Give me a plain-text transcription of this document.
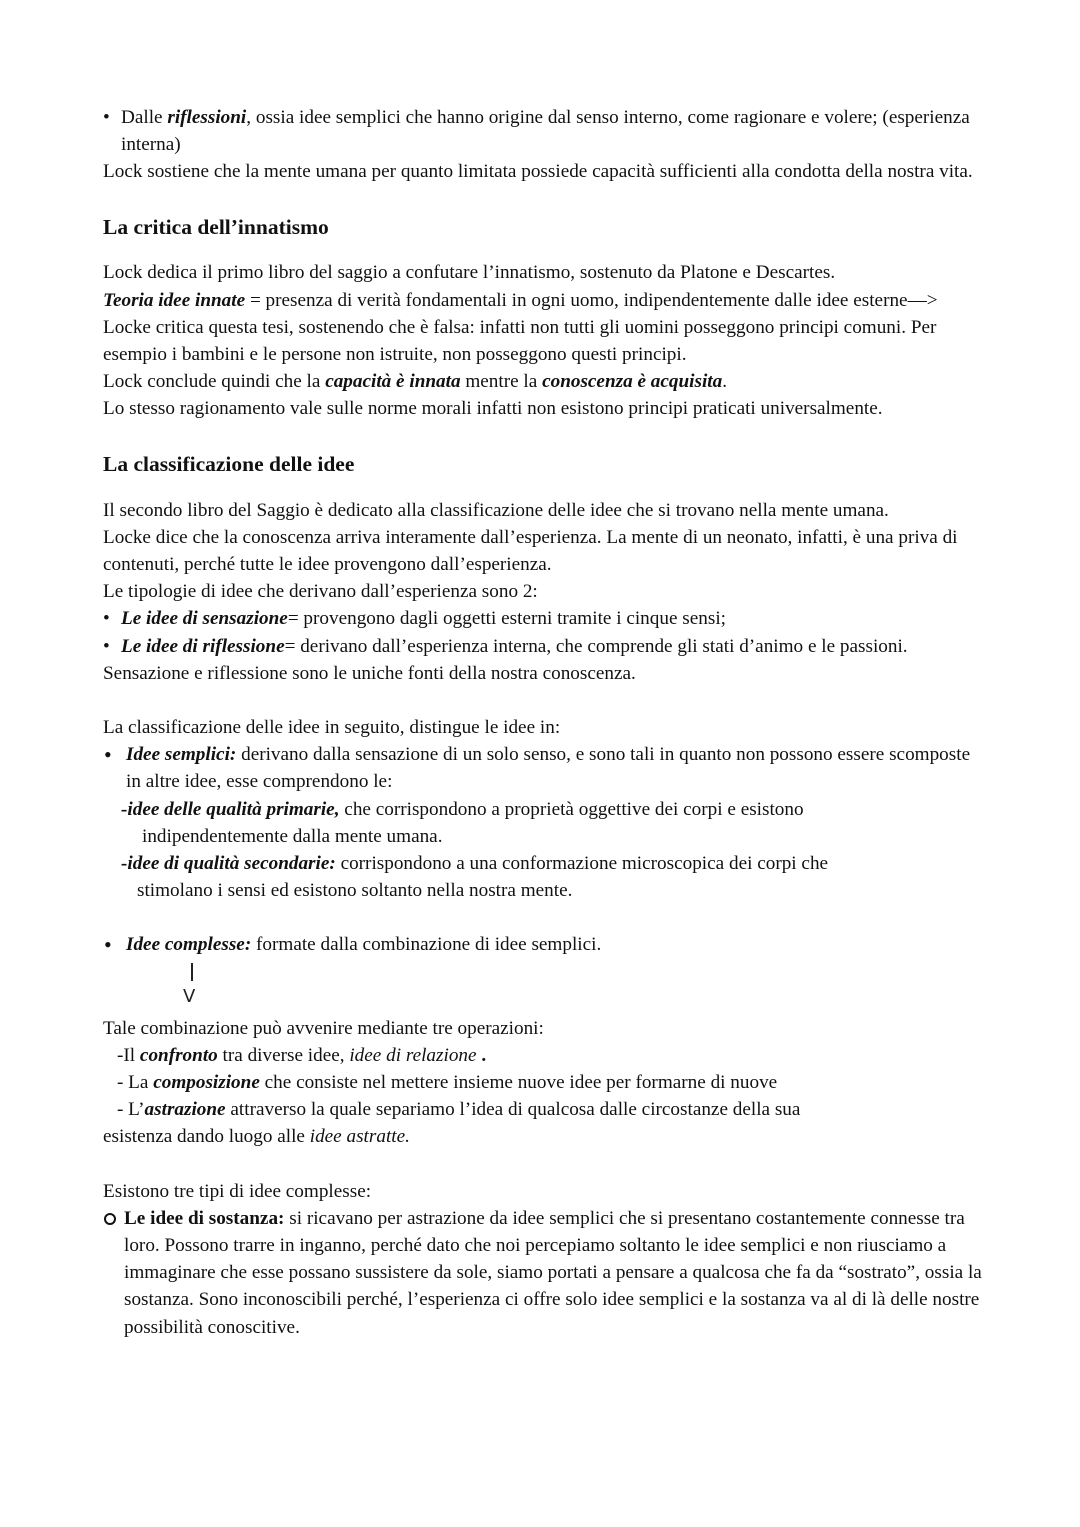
• Dalle riflessioni, ossia idee semplici che hanno origine dal senso interno, come ragionare e volere; (esperienza interna)

Lock sostiene che la mente umana per quanto limitata possiede capacità sufficienti alla condotta della nostra vita.

La critica dell’innatismo

Lock dedica il primo libro del saggio a confutare l’innatismo, sostenuto da Platone e Descartes.

Teoria idee innate = presenza di verità fondamentali in ogni uomo, indipendentemente dalle idee esterne—> Locke critica questa tesi, sostenendo che è falsa: infatti non tutti gli uomini posseggono principi comuni. Per esempio i bambini e le persone non istruite, non posseggono questi principi.

Lock conclude quindi che la capacità è innata mentre la conoscenza è acquisita.

Lo stesso ragionamento vale sulle norme morali infatti non esistono principi praticati universalmente.

La classificazione delle idee

Il secondo libro del Saggio è dedicato alla classificazione delle idee che si trovano nella mente umana.

Locke dice che la conoscenza arriva interamente dall’esperienza. La mente di un neonato, infatti, è una priva di contenuti, perché tutte le idee provengono dall’esperienza.

Le tipologie di idee che derivano dall’esperienza sono 2:

• Le idee di sensazione= provengono dagli oggetti esterni tramite i cinque sensi;

• Le idee di riflessione= derivano dall’esperienza interna, che comprende gli stati d’animo e le passioni.

Sensazione e riflessione sono le uniche fonti della nostra conoscenza.

La classificazione delle idee in seguito, distingue le idee in:

• Idee semplici: derivano dalla sensazione di un solo senso, e sono tali in quanto non possono essere scomposte in altre idee, esse comprendono le:

-idee delle qualità primarie, che corrispondono a proprietà oggettive dei corpi e esistono
indipendentemente dalla mente umana.

-idee di qualità secondarie: corrispondono a una conformazione microscopica dei corpi che
stimolano i sensi ed esistono soltanto nella nostra mente.

• Idee complesse: formate dalla combinazione di idee semplici.

V

Tale combinazione può avvenire mediante tre operazioni:

-Il confronto tra diverse idee, idee di relazione .

- La composizione che consiste nel mettere insieme nuove idee per formarne di nuove

- L’astrazione attraverso la quale separiamo l’idea di qualcosa dalle circostanze della sua

esistenza dando luogo alle idee astratte.

Esistono tre tipi di idee complesse:

Le idee di sostanza: si ricavano per astrazione da idee semplici che si presentano costantemente connesse tra loro. Possono trarre in inganno, perché dato che noi percepiamo soltanto le idee semplici e non riusciamo a immaginare che esse possano sussistere da sole, siamo portati a pensare a qualcosa che fa da “sostrato”, ossia la sostanza. Sono inconoscibili perché, l’esperienza ci offre solo idee semplici e la sostanza va al di là delle nostre possibilità conoscitive.
